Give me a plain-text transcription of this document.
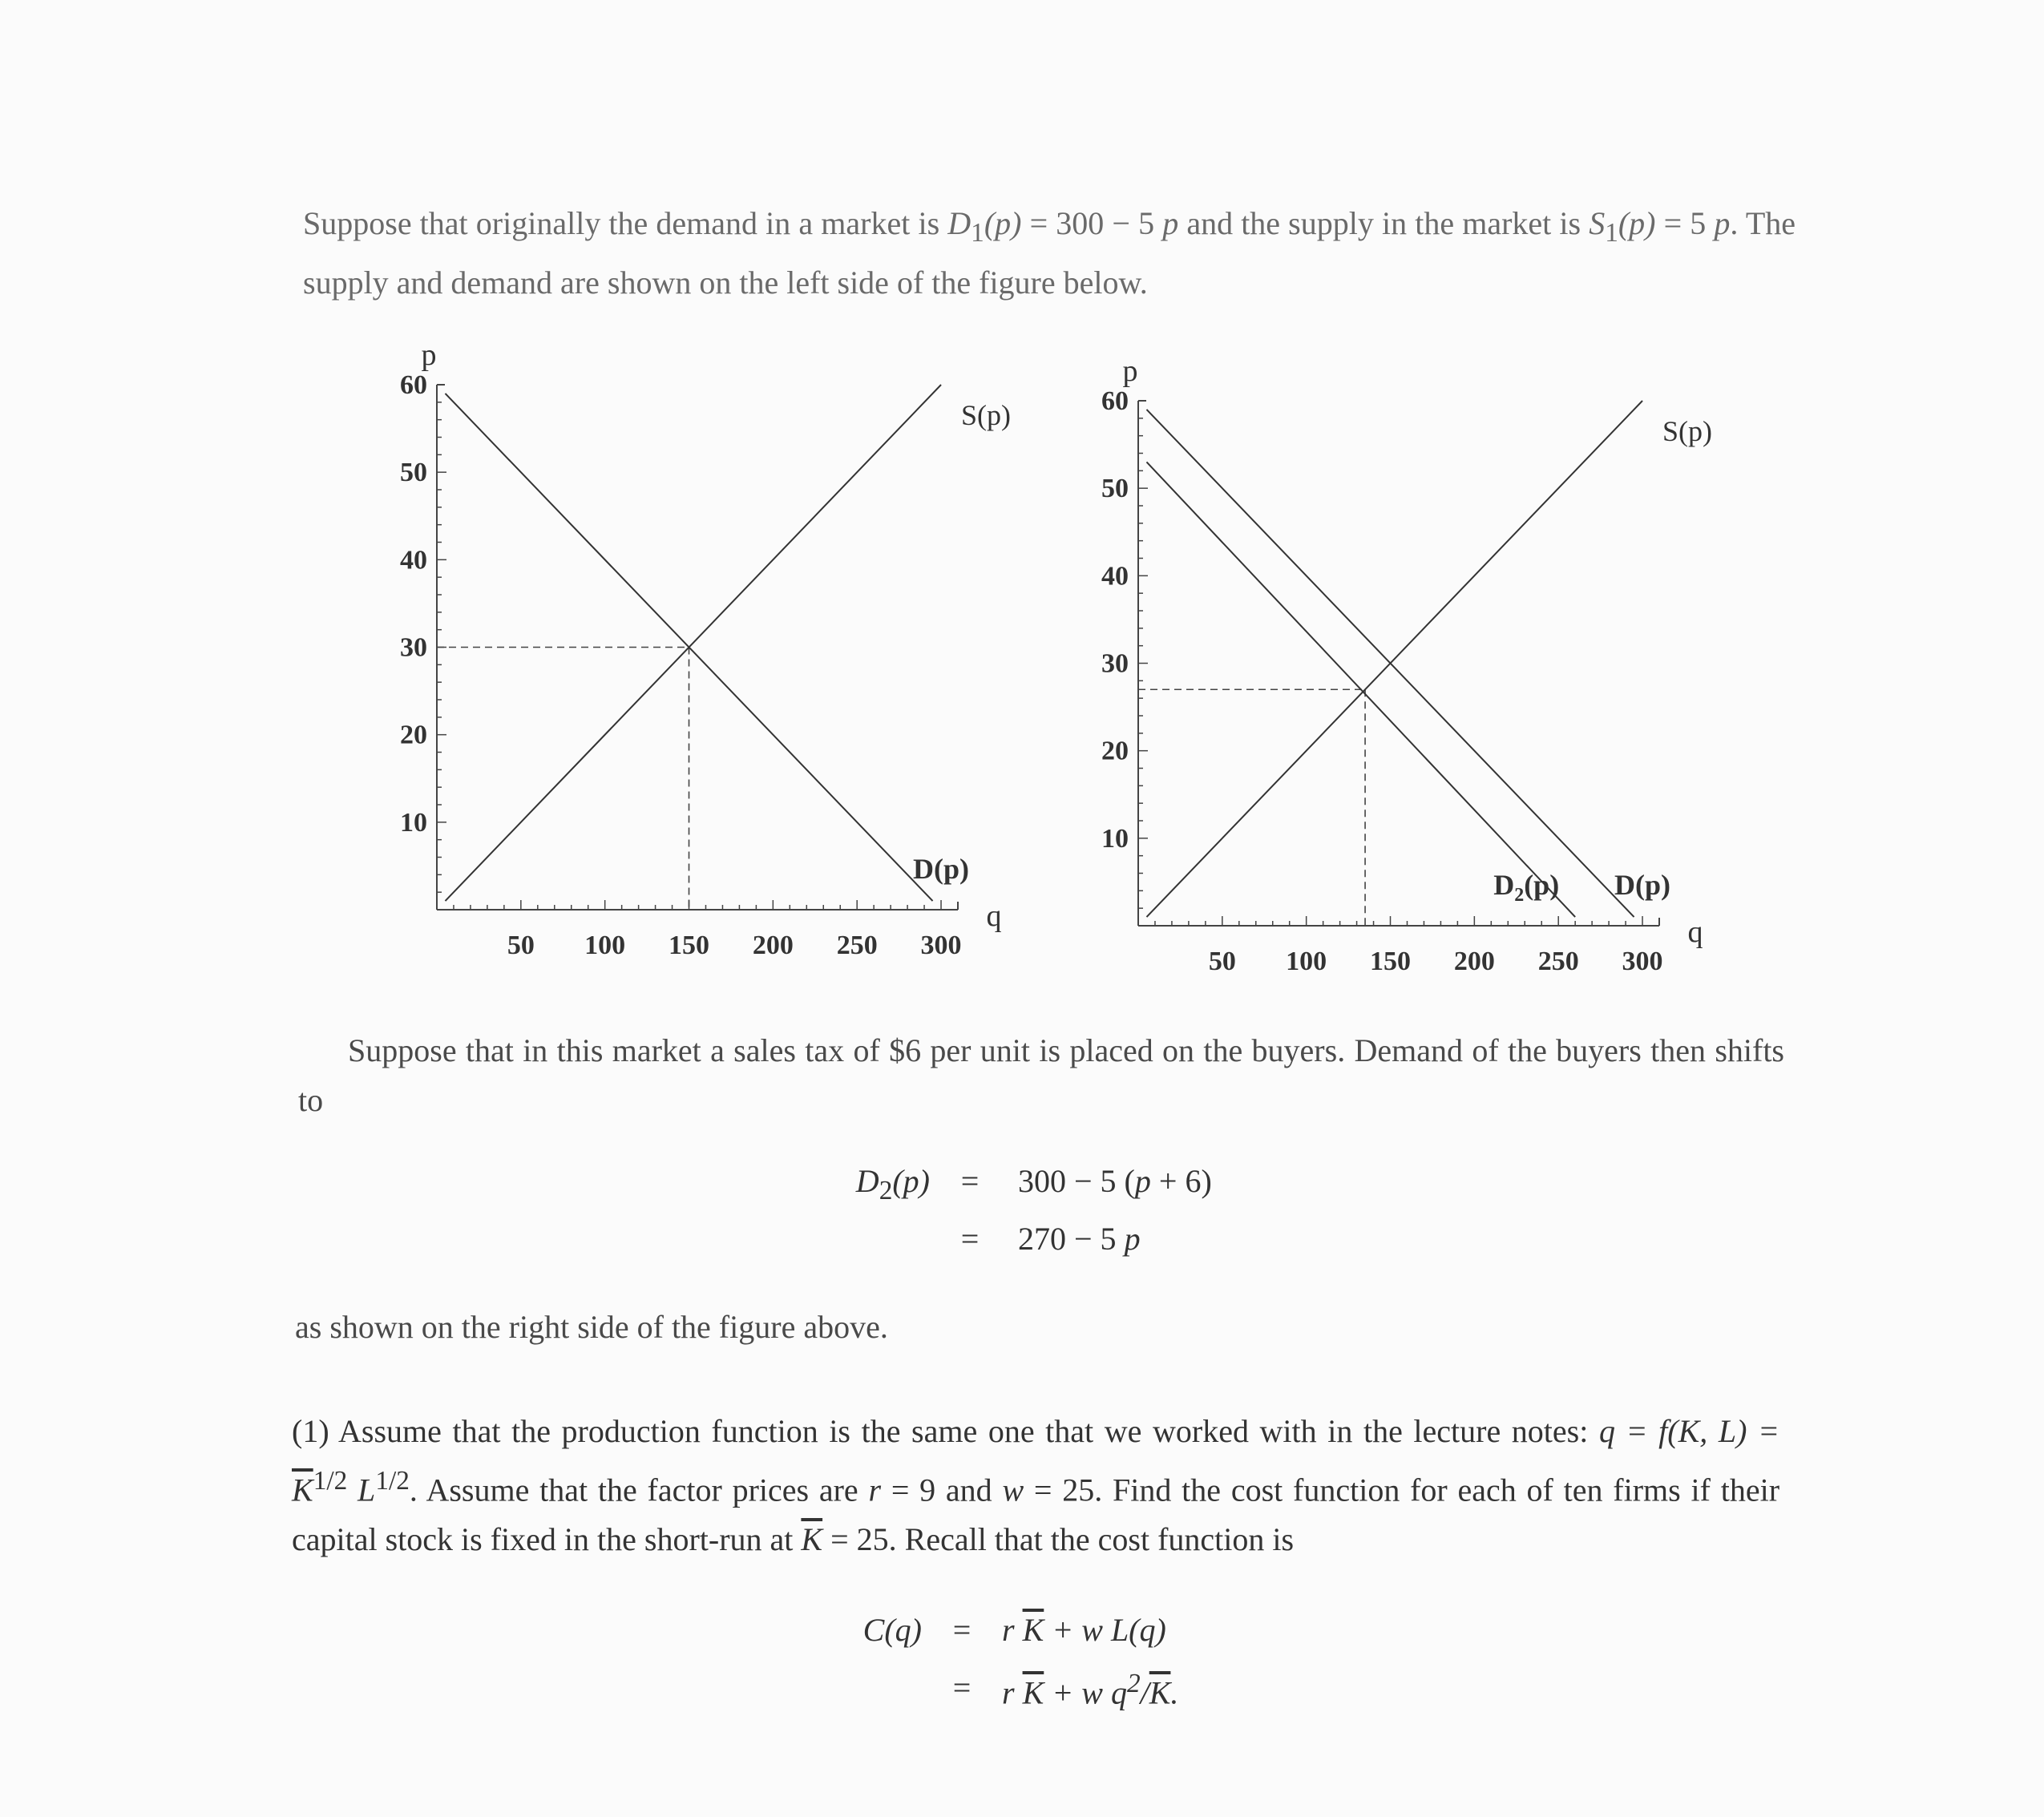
Suppose that originally the demand in a market is $D_1(p) = 300 - 5$ p and the supply in the market is $S_1(p) = 5$ p. The supply and demand are shown on the left side of the figure below.

50 100 150 200 250 300
10
20
30
40
50
60
p
q
S(p)
D(p)
50 100 150 200 250 300
10
20
30
40
50
60
p
q
S(p)
D(p)
$D_2(p)$

Suppose that in this market a sales tax of $6 per unit is placed on the buyers. Demand of the buyers then shifts to

$D_2(p)$ =	300 − 5 (p + 6)
=	270 − 5 p

as shown on the right side of the figure above.

(1) Assume that the production function is the same one that we worked with in the lecture notes: q = f(K, $L) = \overline{K}^{1/2}$ $L^{1/2}$. Assume that the factor prices are r = 9 and w = 25. Find the cost function for each of ten firms if their capital stock is fixed in the short-run at $\overline{K} = 25$. Recall that the cost function is

C(q) = r $\overline{K} + w$ L(q)
= r $\overline{K} + w$ $q^2/\overline{K}$.
